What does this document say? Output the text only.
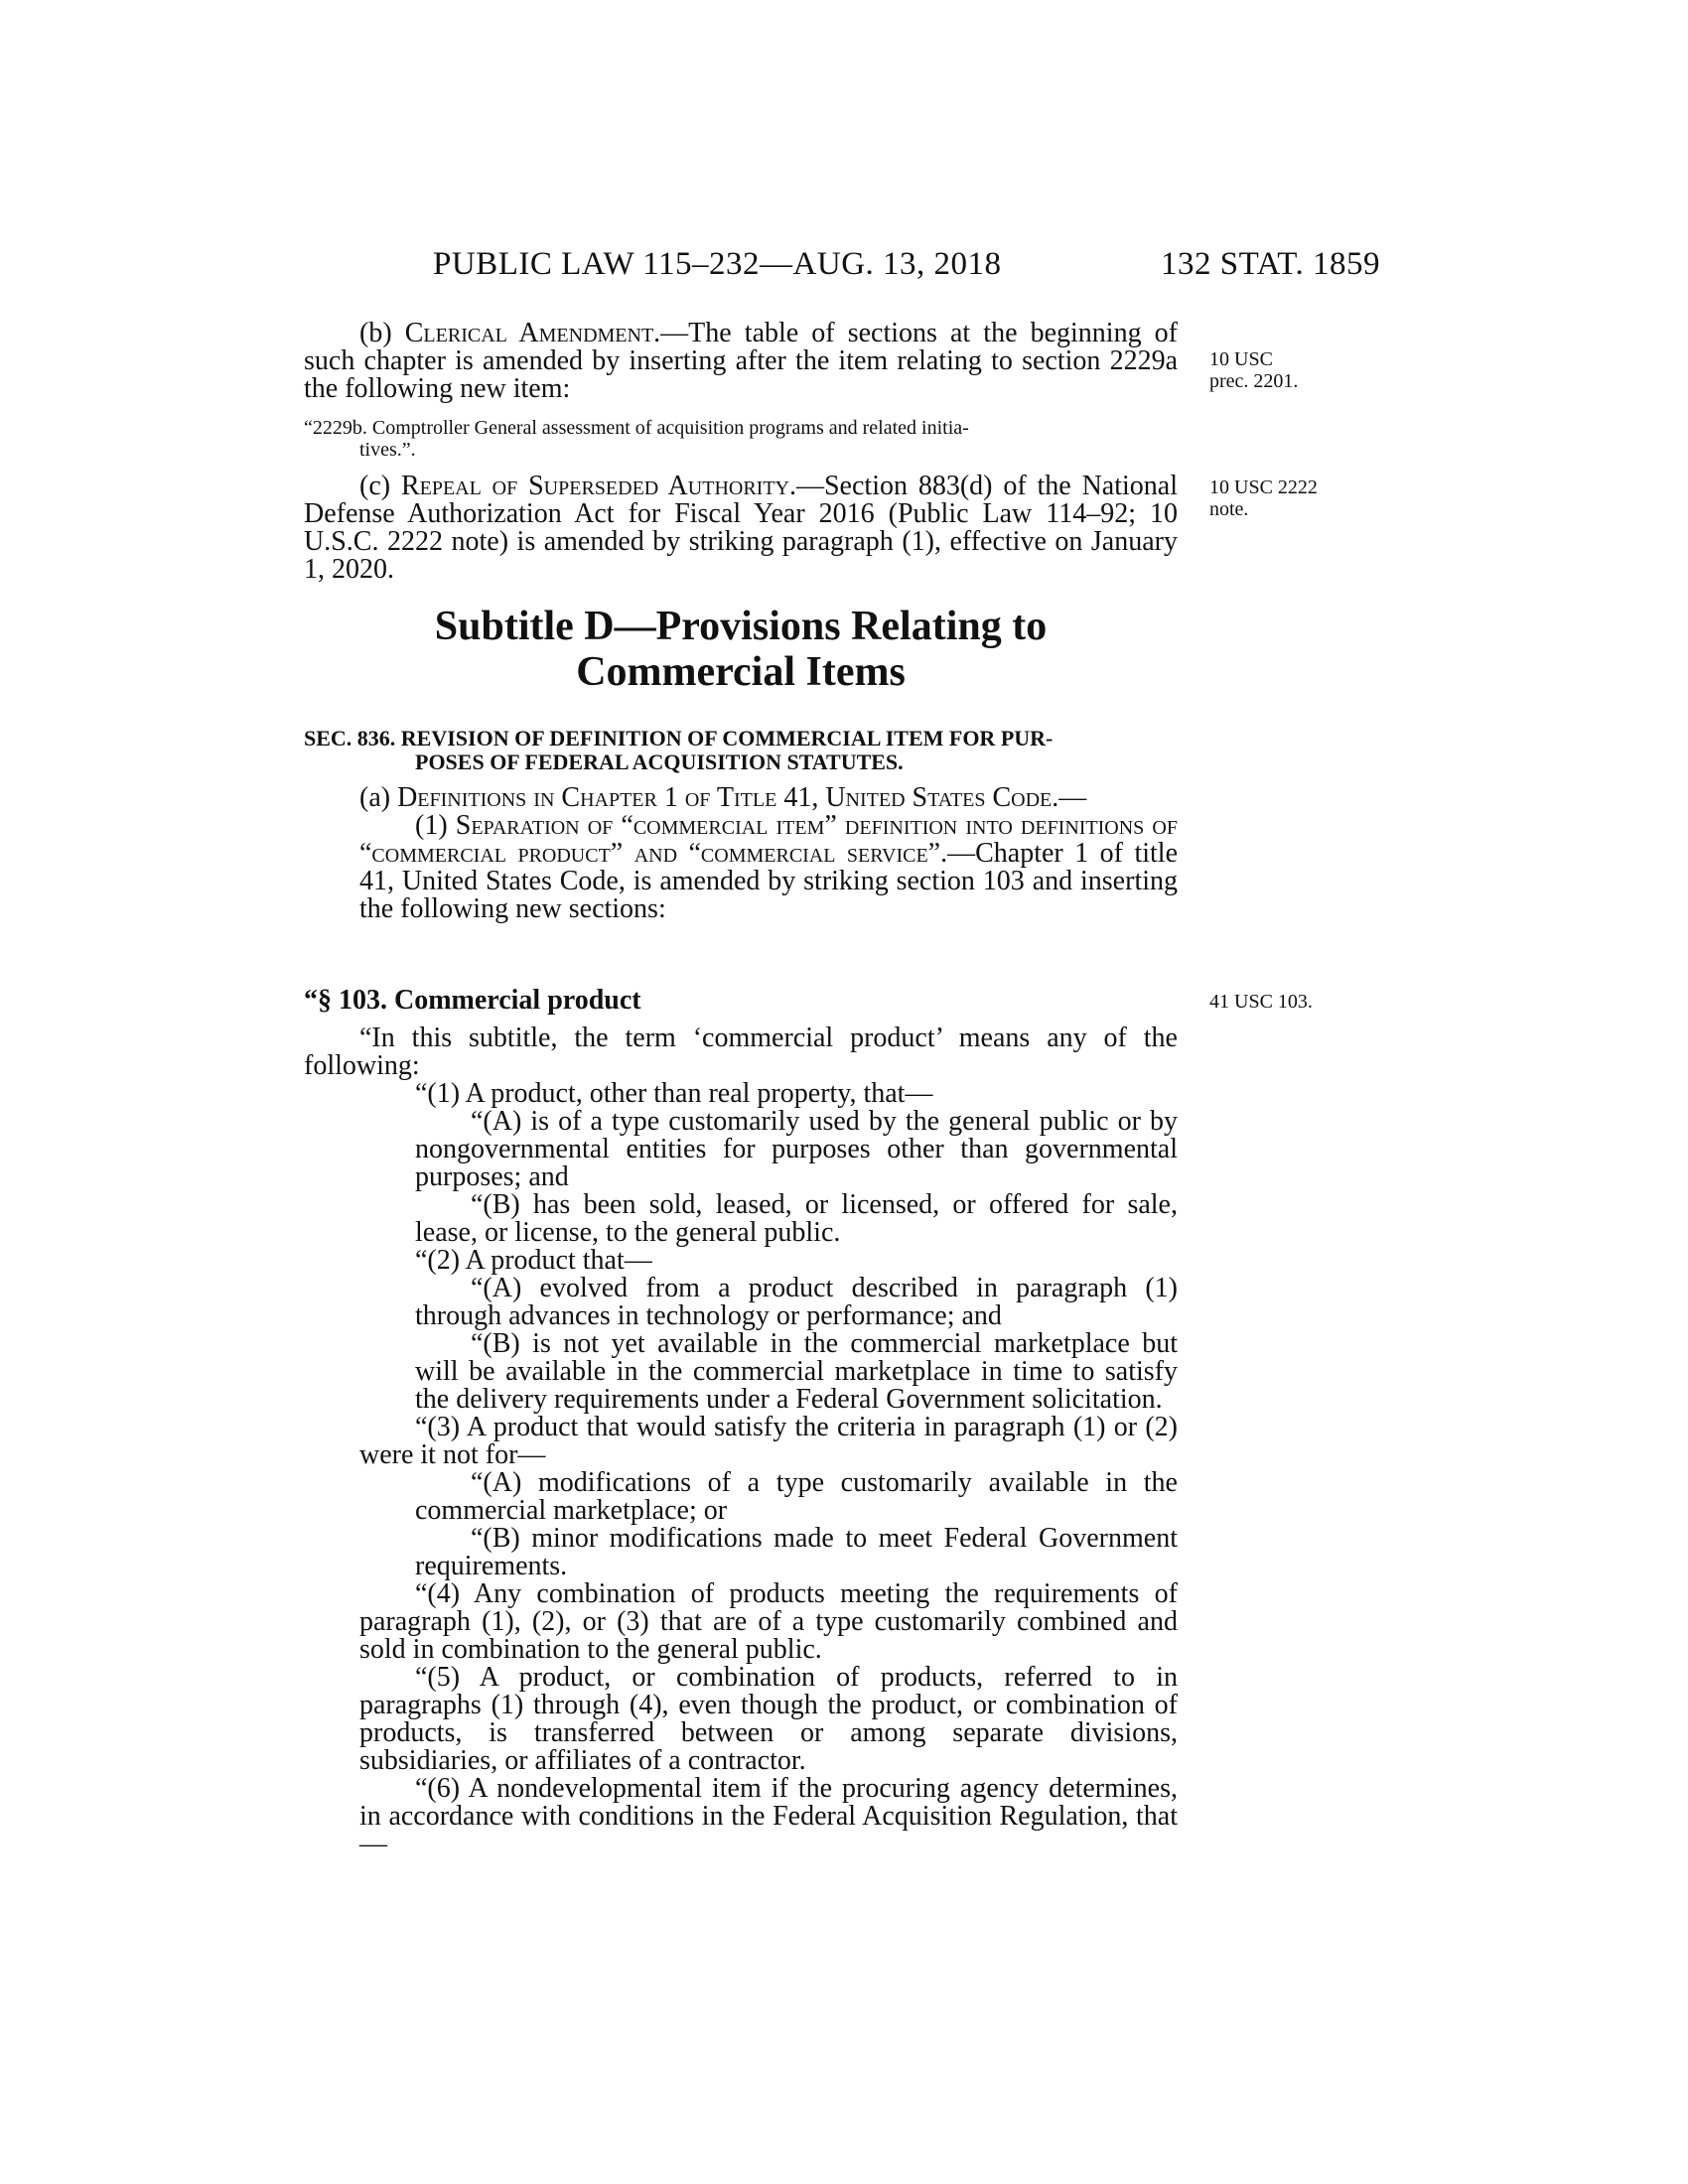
PUBLIC LAW 115–232—AUG. 13, 2018	132 STAT. 1859

(b) Clerical Amendment.—The table of sections at the beginning of such chapter is amended by inserting after the item relating to section 2229a the following new item:

10 USC
prec. 2201.
“2229b. Comptroller General assessment of acquisition programs and related initia-
tives.”.

(c) Repeal of Superseded Authority.—Section 883(d) of the National Defense Authorization Act for Fiscal Year 2016 (Public Law 114–92; 10 U.S.C. 2222 note) is amended by striking paragraph (1), effective on January 1, 2020.

10 USC 2222
note.
Subtitle D—Provisions Relating to
Commercial Items
SEC. 836. REVISION OF DEFINITION OF COMMERCIAL ITEM FOR PUR-
POSES OF FEDERAL ACQUISITION STATUTES.

(a) Definitions in Chapter 1 of Title 41, United States Code.—

(1) Separation of “commercial item” definition into definitions of “commercial product” and “commercial service”.—Chapter 1 of title 41, United States Code, is amended by striking section 103 and inserting the following new sections:

“§ 103. Commercial product	41 USC 103.

“In this subtitle, the term ‘commercial product’ means any of the following:

“(1) A product, other than real property, that—

“(A) is of a type customarily used by the general public or by nongovernmental entities for purposes other than governmental purposes; and

“(B) has been sold, leased, or licensed, or offered for sale, lease, or license, to the general public.

“(2) A product that—

“(A) evolved from a product described in paragraph (1) through advances in technology or performance; and

“(B) is not yet available in the commercial marketplace but will be available in the commercial marketplace in time to satisfy the delivery requirements under a Federal Government solicitation.

“(3) A product that would satisfy the criteria in paragraph (1) or (2) were it not for—

“(A) modifications of a type customarily available in the commercial marketplace; or

“(B) minor modifications made to meet Federal Government requirements.

“(4) Any combination of products meeting the requirements of paragraph (1), (2), or (3) that are of a type customarily combined and sold in combination to the general public.

“(5) A product, or combination of products, referred to in paragraphs (1) through (4), even though the product, or combination of products, is transferred between or among separate divisions, subsidiaries, or affiliates of a contractor.

“(6) A nondevelopmental item if the procuring agency determines, in accordance with conditions in the Federal Acquisition Regulation, that—
